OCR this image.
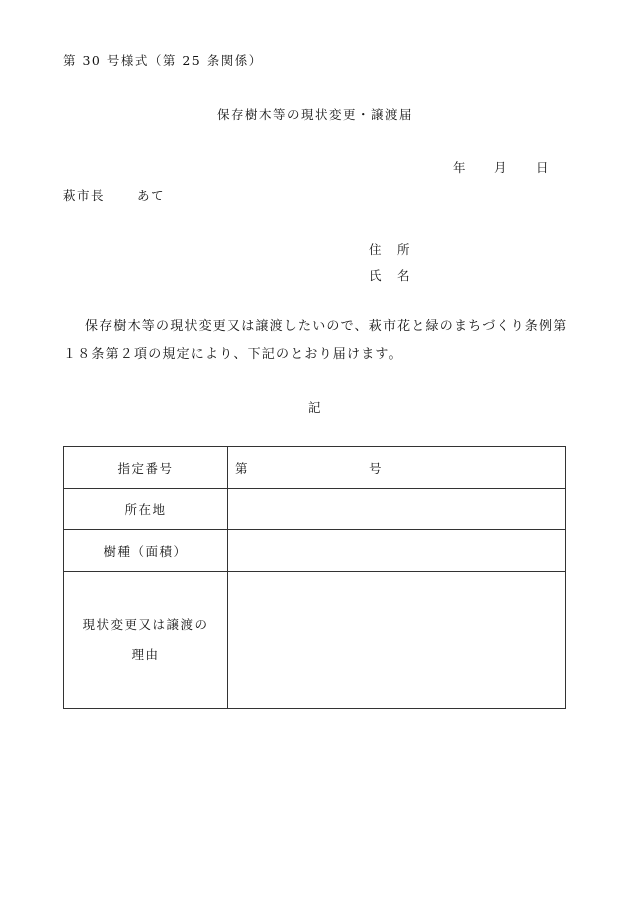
第 30 号様式（第 25 条関係）
保存樹木等の現状変更・譲渡届
年 月 日
萩市長	あて
住　所
氏　名
保存樹木等の現状変更又は譲渡したいので、萩市花と緑のまちづくり条例第
１８条第２項の規定により、下記のとおり届けます。
記
指定番号	第 号
所在地	
樹種（面積）	

現状変更又は譲渡の
理由	
